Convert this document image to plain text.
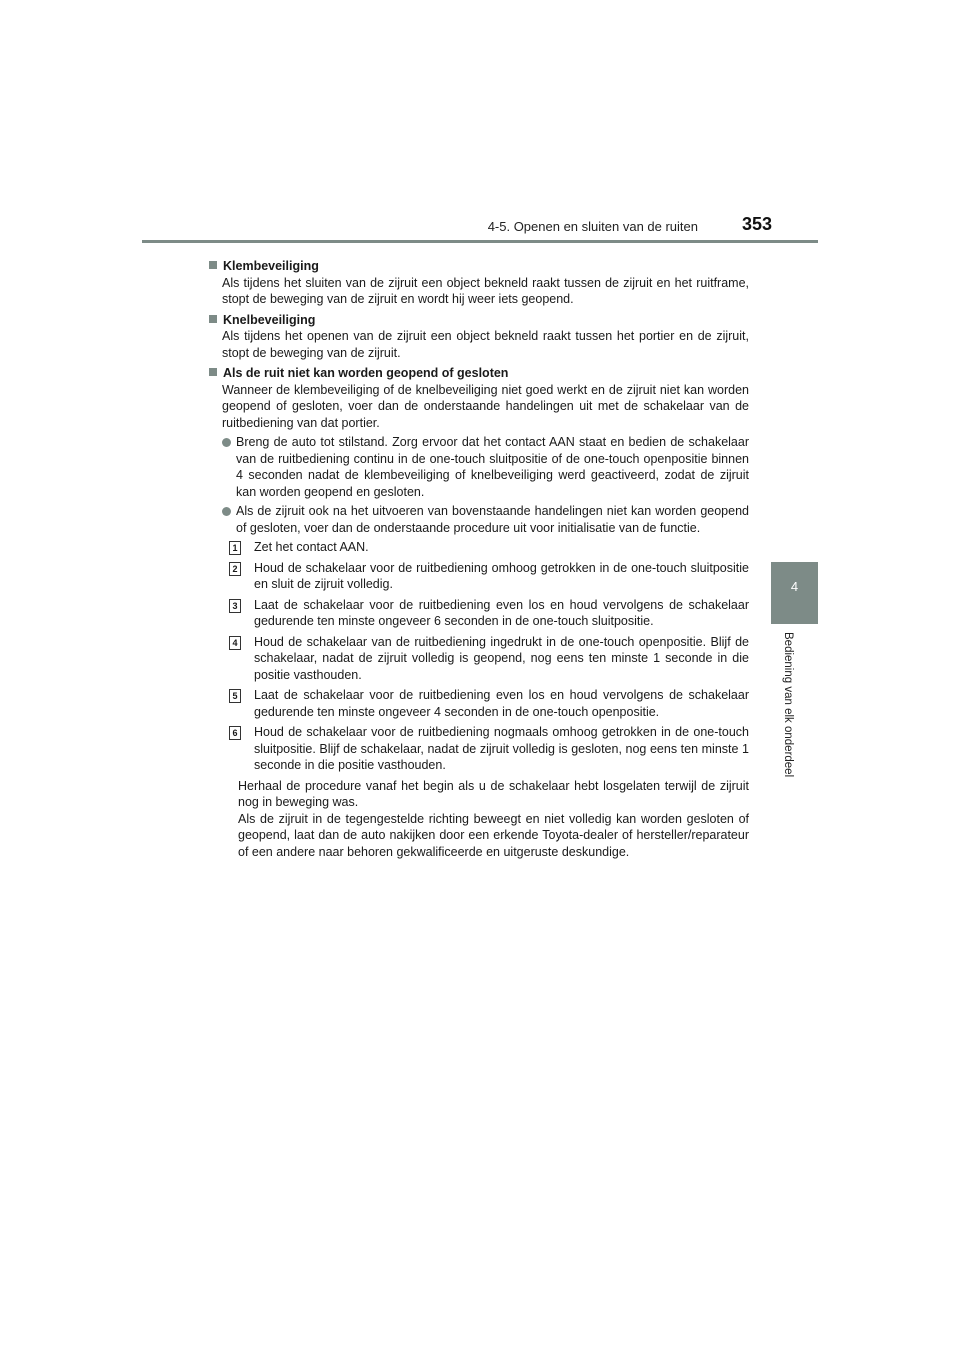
4-5. Openen en sluiten van de ruiten 353
4
Bediening van elk onderdeel
Klembeveiliging
Als tijdens het sluiten van de zijruit een object bekneld raakt tussen de zijruit en het ruitframe, stopt de beweging van de zijruit en wordt hij weer iets geopend.
Knelbeveiliging
Als tijdens het openen van de zijruit een object bekneld raakt tussen het portier en de zijruit, stopt de beweging van de zijruit.
Als de ruit niet kan worden geopend of gesloten
Wanneer de klembeveiliging of de knelbeveiliging niet goed werkt en de zijruit niet kan worden geopend of gesloten, voer dan de onderstaande handelingen uit met de schakelaar van de ruitbediening van dat portier.
Breng de auto tot stilstand. Zorg ervoor dat het contact AAN staat en bedien de schakelaar van de ruitbediening continu in de one-touch sluitpositie of de one-touch openpositie binnen 4 seconden nadat de klembeveiliging of knelbeveiliging werd geactiveerd, zodat de zijruit kan worden geopend en gesloten.
Als de zijruit ook na het uitvoeren van bovenstaande handelingen niet kan worden geopend of gesloten, voer dan de onderstaande procedure uit voor initialisatie van de functie.
1 Zet het contact AAN.
2 Houd de schakelaar voor de ruitbediening omhoog getrokken in de one-touch sluitpositie en sluit de zijruit volledig.
3 Laat de schakelaar voor de ruitbediening even los en houd vervolgens de schakelaar gedurende ten minste ongeveer 6 seconden in de one-touch sluitpositie.
4 Houd de schakelaar van de ruitbediening ingedrukt in de one-touch openpositie. Blijf de schakelaar, nadat de zijruit volledig is geopend, nog eens ten minste 1 seconde in die positie vasthouden.
5 Laat de schakelaar voor de ruitbediening even los en houd vervolgens de schakelaar gedurende ten minste ongeveer 4 seconden in de one-touch openpositie.
6 Houd de schakelaar voor de ruitbediening nogmaals omhoog getrokken in de one-touch sluitpositie. Blijf de schakelaar, nadat de zijruit volledig is gesloten, nog eens ten minste 1 seconde in die positie vasthouden.
Herhaal de procedure vanaf het begin als u de schakelaar hebt losgelaten terwijl de zijruit nog in beweging was.
Als de zijruit in de tegengestelde richting beweegt en niet volledig kan worden gesloten of geopend, laat dan de auto nakijken door een erkende Toyota-dealer of hersteller/reparateur of een andere naar behoren gekwalificeerde en uitgeruste deskundige.
